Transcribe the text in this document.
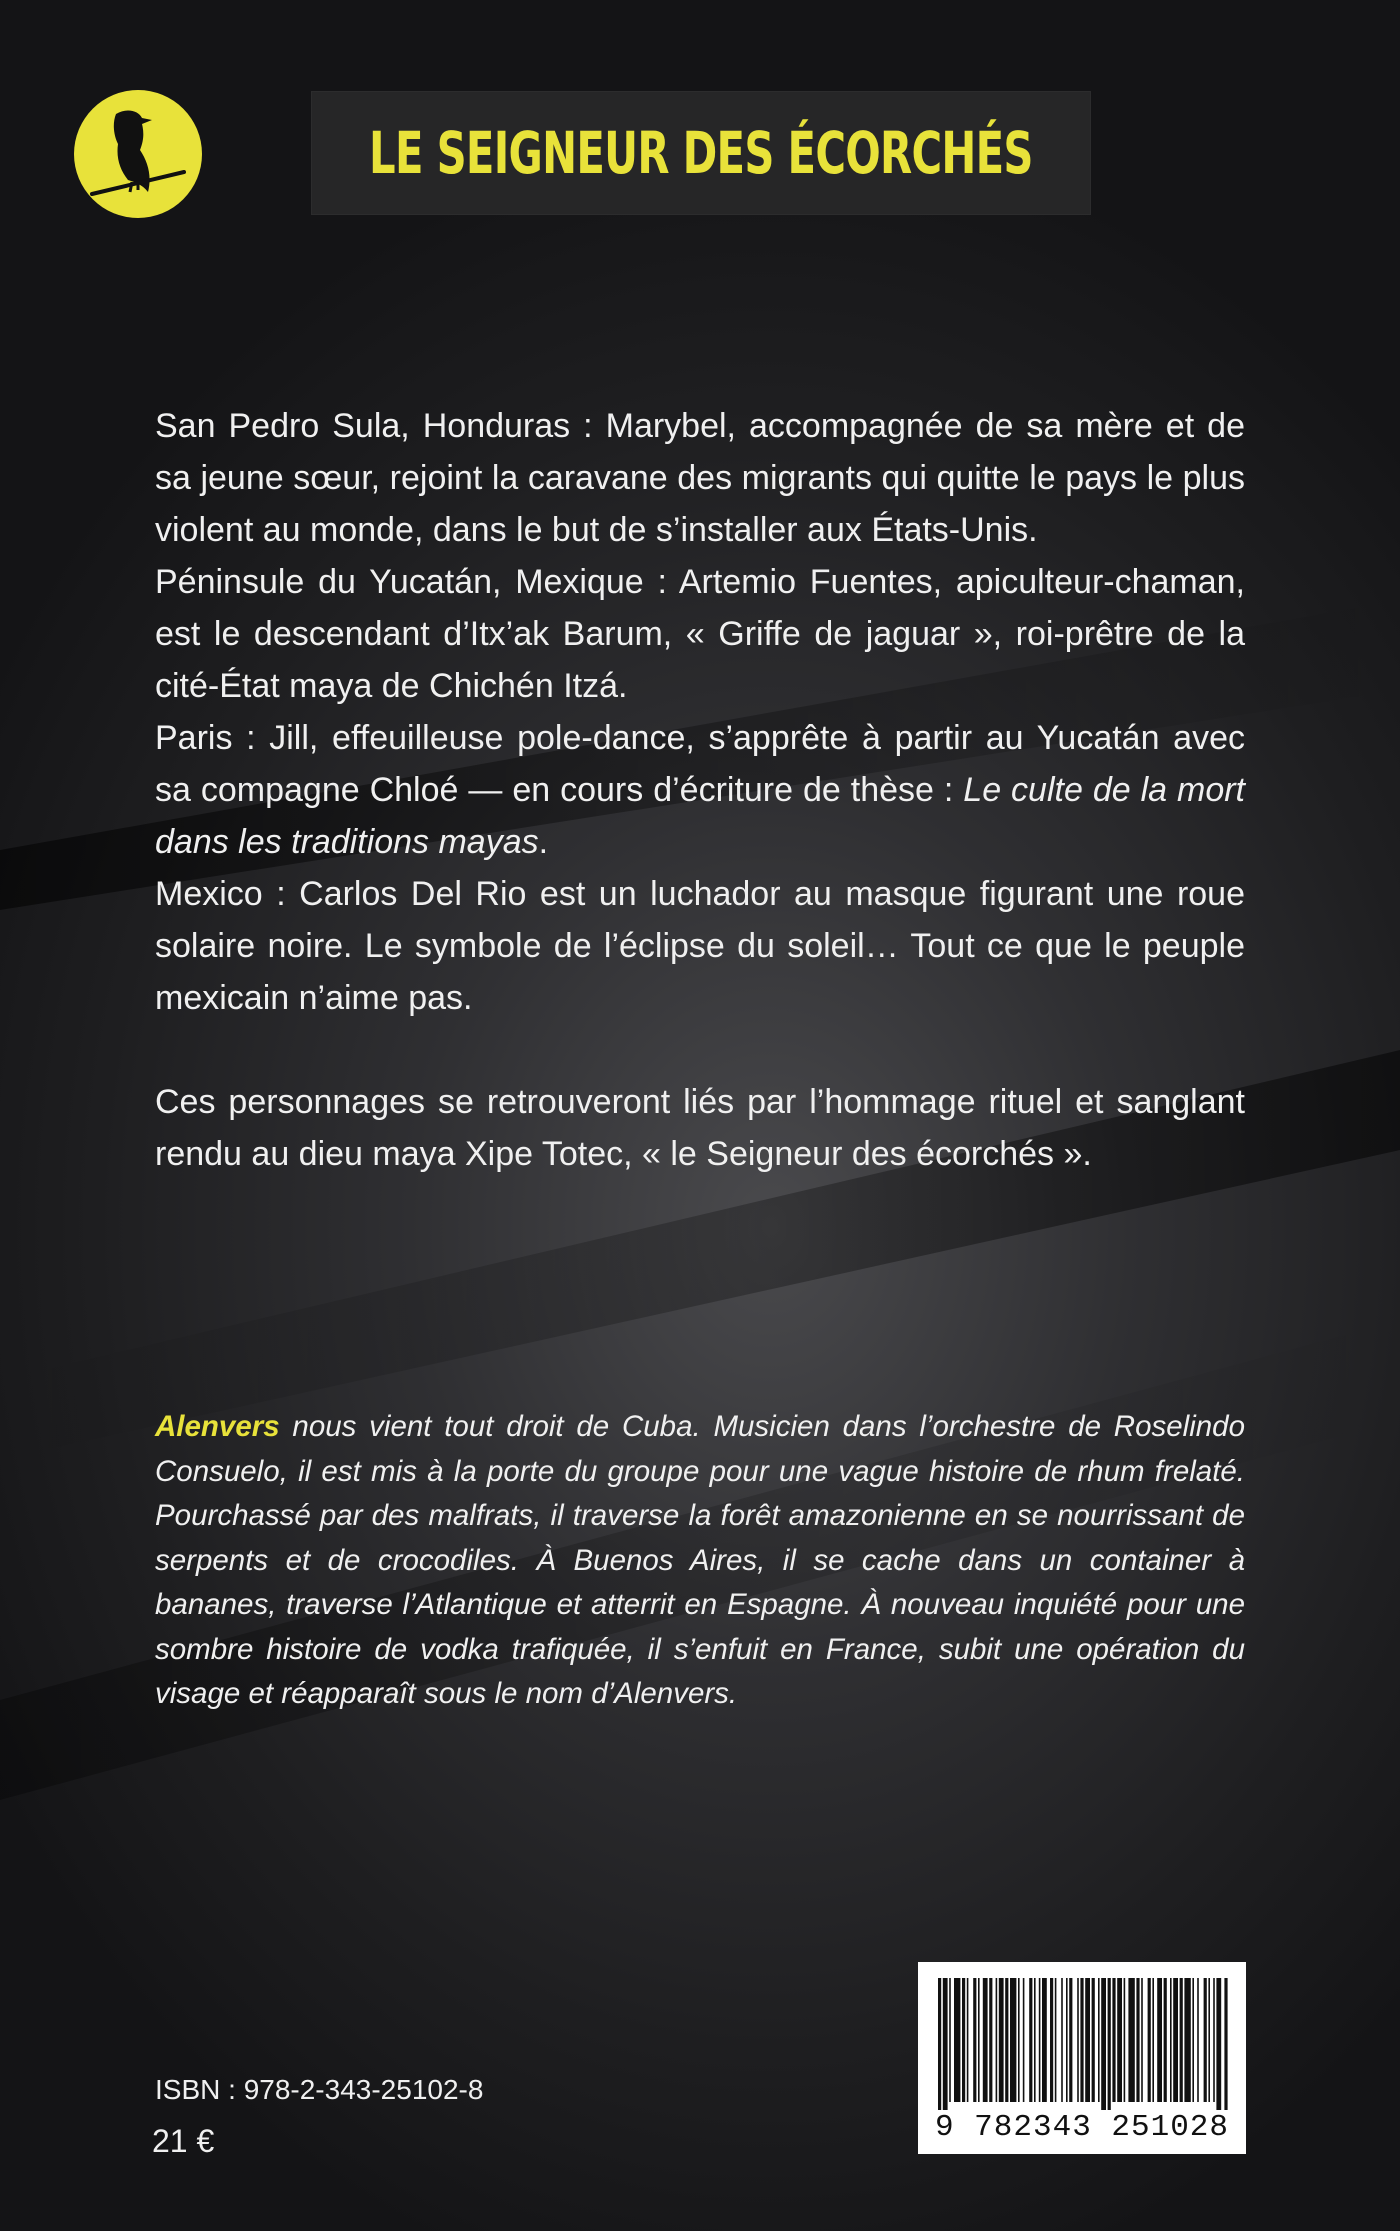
LE SEIGNEUR DES ÉCORCHÉS

San Pedro Sula, Honduras : Marybel, accompagnée de sa mère et de sa jeune sœur, rejoint la caravane des migrants qui quitte le pays le plus violent au monde, dans le but de s’installer aux États-Unis.

Péninsule du Yucatán, Mexique : Artemio Fuentes, apiculteur-chaman, est le descendant d’Itx’ak Barum, « Griffe de jaguar », roi-prêtre de la cité-État maya de Chichén Itzá.

Paris : Jill, effeuilleuse pole-dance, s’apprête à partir au Yucatán avec sa compagne Chloé — en cours d’écriture de thèse : Le culte de la mort dans les traditions mayas.

Mexico : Carlos Del Rio est un luchador au masque figurant une roue solaire noire. Le symbole de l’éclipse du soleil… Tout ce que le peuple mexicain n’aime pas.

Ces personnages se retrouveront liés par l’hommage rituel et sanglant rendu au dieu maya Xipe Totec, « le Seigneur des écorchés ».

Alenvers nous vient tout droit de Cuba. Musicien dans l’orchestre de Roselindo Consuelo, il est mis à la porte du groupe pour une vague histoire de rhum frelaté. Pourchassé par des malfrats, il traverse la forêt amazonienne en se nourrissant de serpents et de crocodiles. À Buenos Aires, il se cache dans un container à bananes, traverse l’Atlantique et atterrit en Espagne. À nouveau inquiété pour une sombre histoire de vodka trafiquée, il s’enfuit en France, subit une opération du visage et réapparaît sous le nom d’Alenvers.
9 782343 251028
ISBN : 978-2-343-25102-8
21 €
